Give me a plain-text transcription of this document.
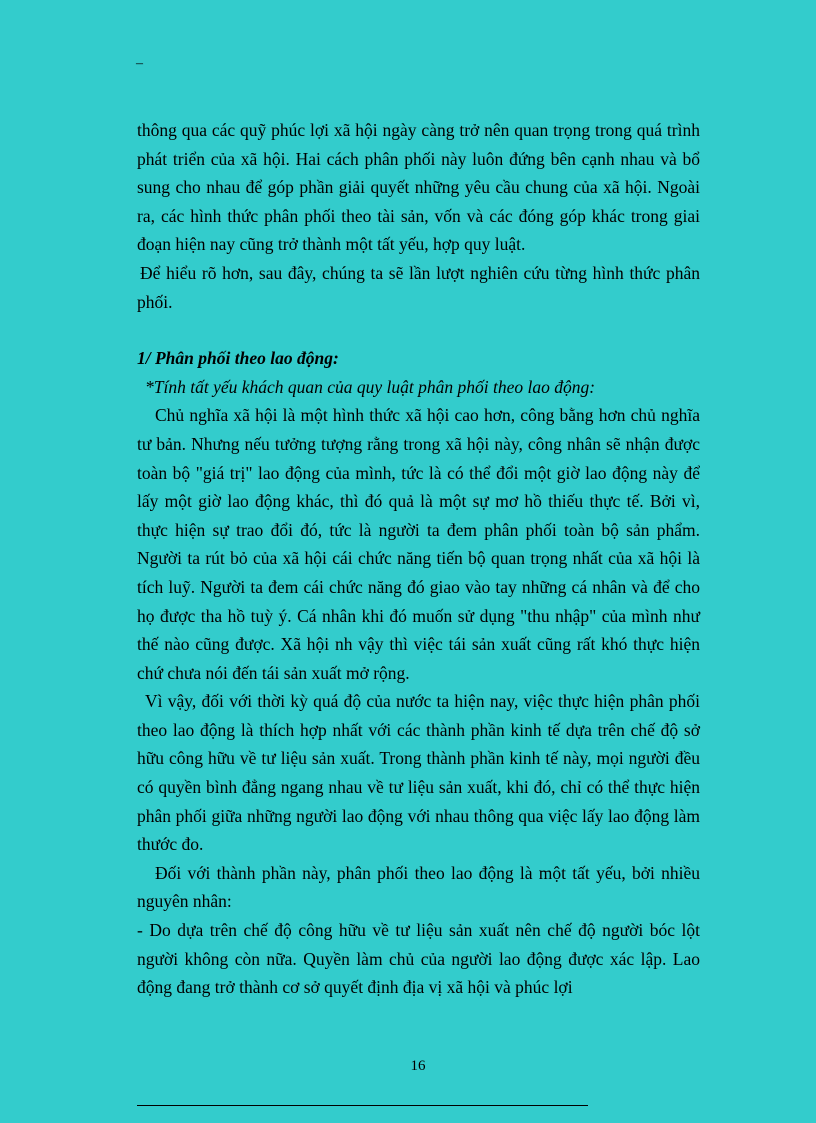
–

thông qua các quỹ phúc lợi xã hội ngày càng trở nên quan trọng trong quá trình phát triển của xã hội. Hai cách phân phối này luôn đứng bên cạnh nhau và bổ sung cho nhau để góp phần giải quyết những yêu cầu chung của xã hội. Ngoài ra, các hình thức phân phối theo tài sản, vốn và các đóng góp khác trong giai đoạn hiện nay cũng trở thành một tất yếu, hợp quy luật.

Để hiểu rõ hơn, sau đây, chúng ta sẽ lần lượt nghiên cứu từng hình thức phân phối.

1/ Phân phối theo lao động:

*Tính tất yếu khách quan của quy luật phân phối theo lao động:

Chủ nghĩa xã hội là một hình thức xã hội cao hơn, công bằng hơn chủ nghĩa tư bản. Nhưng nếu tưởng tượng rằng trong xã hội này, công nhân sẽ nhận được toàn bộ "giá trị" lao động của mình, tức là có thể đổi một giờ lao động này để lấy một giờ lao động khác, thì đó quả là một sự mơ hồ thiếu thực tế. Bởi vì, thực hiện sự trao đổi đó, tức là người ta đem phân phối toàn bộ sản phẩm. Người ta rút bỏ của xã hội cái chức năng tiến bộ quan trọng nhất của xã hội là tích luỹ. Người ta đem cái chức năng đó giao vào tay những cá nhân và để cho họ được tha hồ tuỳ ý. Cá nhân khi đó muốn sử dụng "thu nhập" của mình như thế nào cũng được. Xã hội nh vậy thì việc tái sản xuất cũng rất khó thực hiện chứ chưa nói đến tái sản xuất mở rộng.

Vì vậy, đối với thời kỳ quá độ của nước ta hiện nay, việc thực hiện phân phối theo lao động là thích hợp nhất với các thành phần kinh tế dựa trên chế độ sở hữu công hữu về tư liệu sản xuất. Trong thành phần kinh tế này, mọi người đều có quyền bình đẳng ngang nhau về tư liệu sản xuất, khi đó, chỉ có thể thực hiện phân phối giữa những người lao động với nhau thông qua việc lấy lao động làm thước đo.

Đối với thành phần này, phân phối theo lao động là một tất yếu, bởi nhiều nguyên nhân:

- Do dựa trên chế độ công hữu về tư liệu sản xuất nên chế độ người bóc lột người không còn nữa. Quyền làm chủ của người lao động được xác lập. Lao động đang trở thành cơ sở quyết định địa vị xã hội và phúc lợi

16
